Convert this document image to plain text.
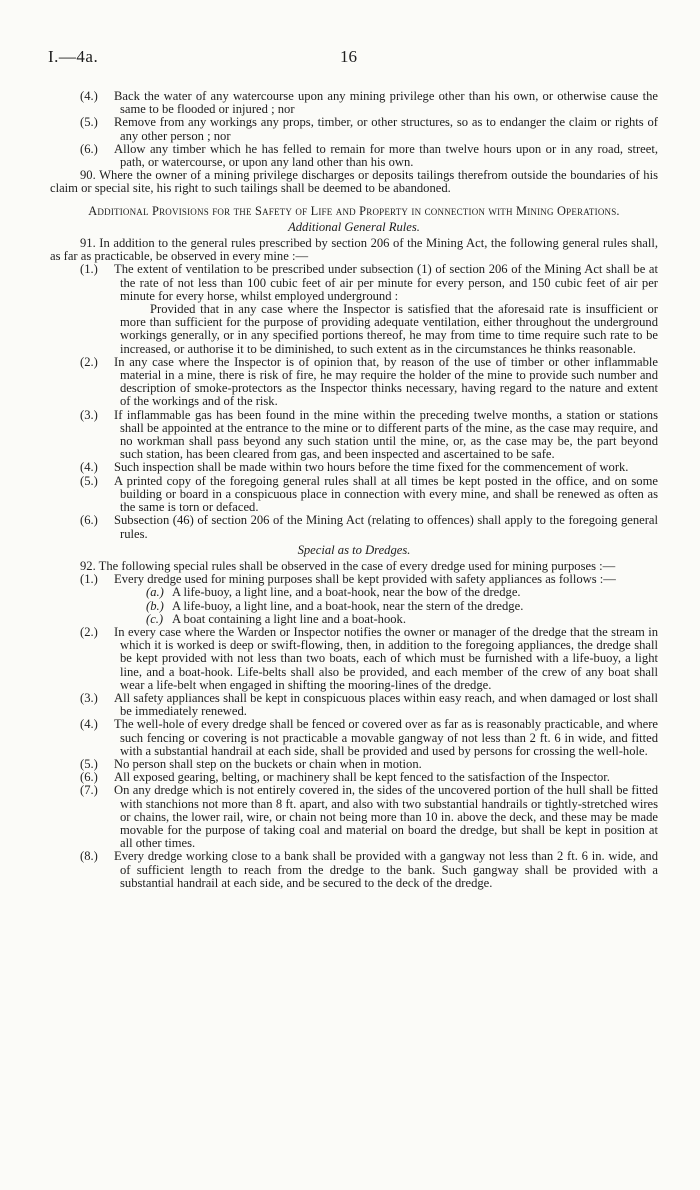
I.—4a.	16

(4.) Back the water of any watercourse upon any mining privilege other than his own, or otherwise cause the same to be flooded or injured ; nor

(5.) Remove from any workings any props, timber, or other structures, so as to endanger the claim or rights of any other person ; nor

(6.) Allow any timber which he has felled to remain for more than twelve hours upon or in any road, street, path, or watercourse, or upon any land other than his own.

90. Where the owner of a mining privilege discharges or deposits tailings therefrom outside the boundaries of his claim or special site, his right to such tailings shall be deemed to be abandoned.

Additional Provisions for the Safety of Life and Property in connection with Mining Operations.

Additional General Rules.

91. In addition to the general rules prescribed by section 206 of the Mining Act, the following general rules shall, as far as practicable, be observed in every mine :—

(1.) The extent of ventilation to be prescribed under subsection (1) of section 206 of the Mining Act shall be at the rate of not less than 100 cubic feet of air per minute for every person, and 150 cubic feet of air per minute for every horse, whilst employed underground :

Provided that in any case where the Inspector is satisfied that the aforesaid rate is insufficient or more than sufficient for the purpose of providing adequate ventilation, either throughout the underground workings generally, or in any specified portions thereof, he may from time to time require such rate to be increased, or authorise it to be diminished, to such extent as in the circumstances he thinks reasonable.

(2.) In any case where the Inspector is of opinion that, by reason of the use of timber or other inflammable material in a mine, there is risk of fire, he may require the holder of the mine to provide such number and description of smoke-protectors as the Inspector thinks necessary, having regard to the nature and extent of the workings and of the risk.

(3.) If inflammable gas has been found in the mine within the preceding twelve months, a station or stations shall be appointed at the entrance to the mine or to different parts of the mine, as the case may require, and no workman shall pass beyond any such station until the mine, or, as the case may be, the part beyond such station, has been cleared from gas, and been inspected and ascertained to be safe.

(4.) Such inspection shall be made within two hours before the time fixed for the commencement of work.

(5.) A printed copy of the foregoing general rules shall at all times be kept posted in the office, and on some building or board in a conspicuous place in connection with every mine, and shall be renewed as often as the same is torn or defaced.

(6.) Subsection (46) of section 206 of the Mining Act (relating to offences) shall apply to the foregoing general rules.

Special as to Dredges.

92. The following special rules shall be observed in the case of every dredge used for mining purposes :—

(1.) Every dredge used for mining purposes shall be kept provided with safety appliances as follows :—

(a.) A life-buoy, a light line, and a boat-hook, near the bow of the dredge.

(b.) A life-buoy, a light line, and a boat-hook, near the stern of the dredge.

(c.) A boat containing a light line and a boat-hook.

(2.) In every case where the Warden or Inspector notifies the owner or manager of the dredge that the stream in which it is worked is deep or swift-flowing, then, in addition to the foregoing appliances, the dredge shall be kept provided with not less than two boats, each of which must be furnished with a life-buoy, a light line, and a boat-hook. Life-belts shall also be provided, and each member of the crew of any boat shall wear a life-belt when engaged in shifting the mooring-lines of the dredge.

(3.) All safety appliances shall be kept in conspicuous places within easy reach, and when damaged or lost shall be immediately renewed.

(4.) The well-hole of every dredge shall be fenced or covered over as far as is reasonably practicable, and where such fencing or covering is not practicable a movable gangway of not less than 2 ft. 6 in wide, and fitted with a substantial handrail at each side, shall be provided and used by persons for crossing the well-hole.

(5.) No person shall step on the buckets or chain when in motion.

(6.) All exposed gearing, belting, or machinery shall be kept fenced to the satisfaction of the Inspector.

(7.) On any dredge which is not entirely covered in, the sides of the uncovered portion of the hull shall be fitted with stanchions not more than 8 ft. apart, and also with two substantial handrails or tightly-stretched wires or chains, the lower rail, wire, or chain not being more than 10 in. above the deck, and these may be made movable for the purpose of taking coal and material on board the dredge, but shall be kept in position at all other times.

(8.) Every dredge working close to a bank shall be provided with a gangway not less than 2 ft. 6 in. wide, and of sufficient length to reach from the dredge to the bank. Such gangway shall be provided with a substantial handrail at each side, and be secured to the deck of the dredge.
